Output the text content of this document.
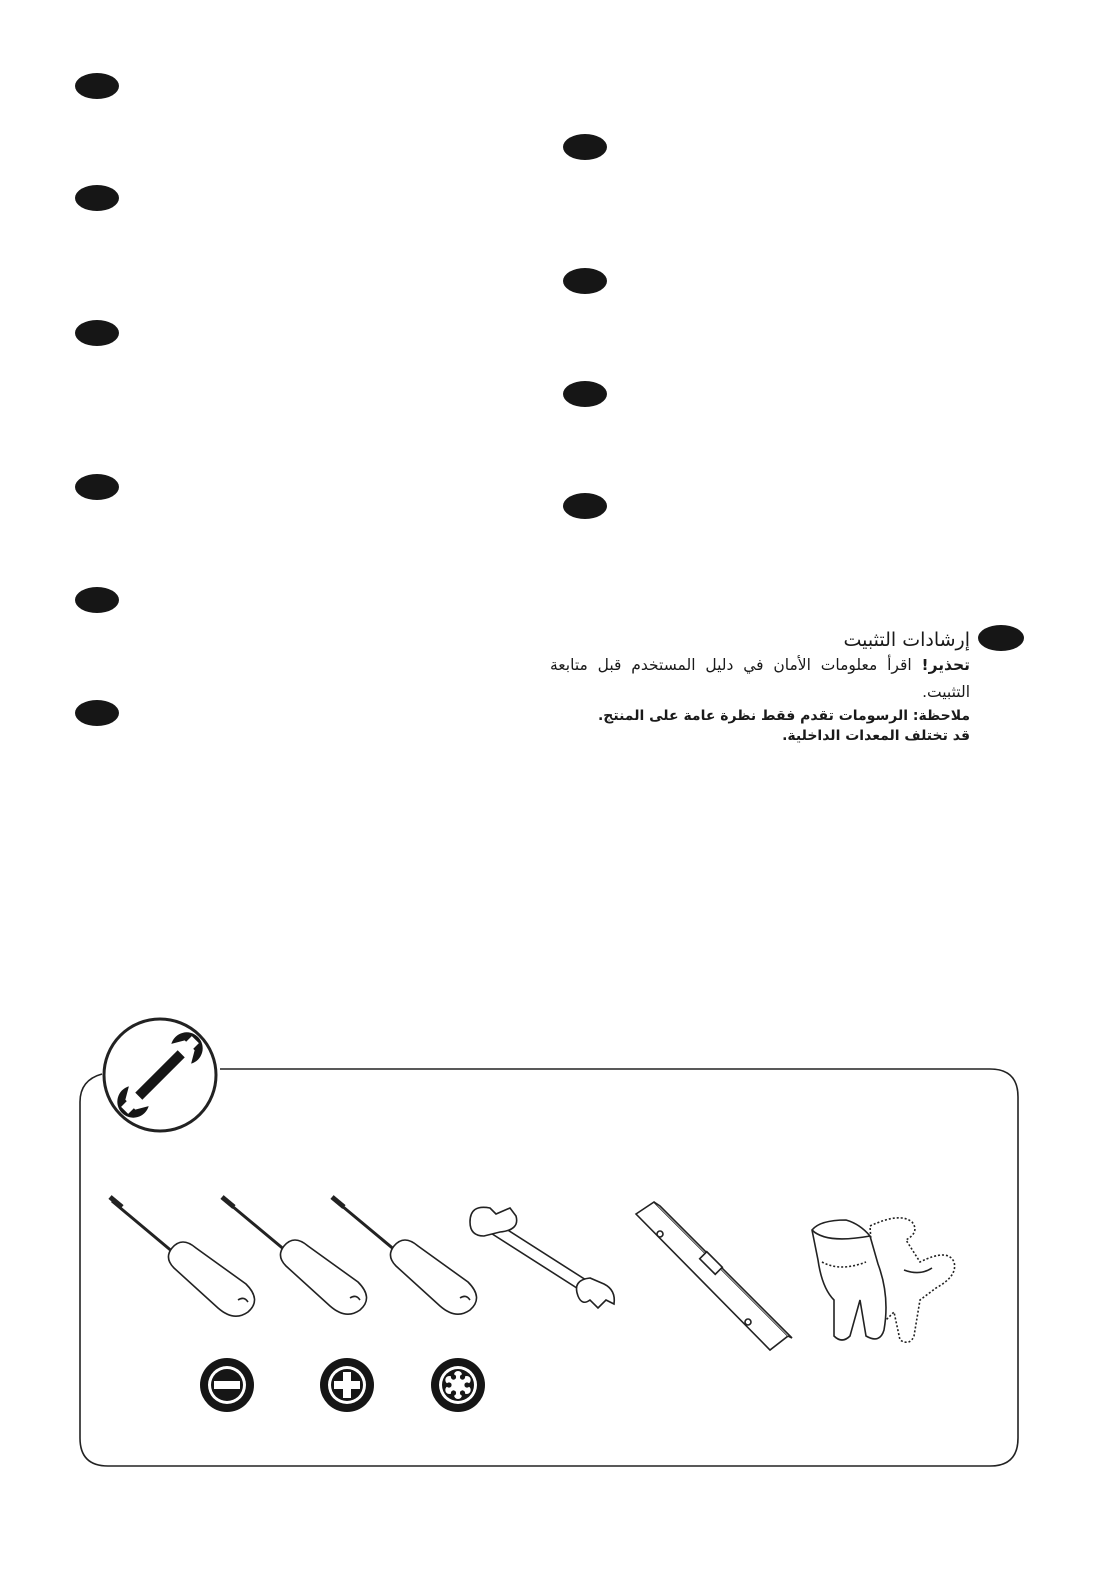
إرشادات التثبيت

تحذير! اقرأ معلومات الأمان في دليل المستخدم قبل متابعة التثبيت.

ملاحظة: الرسومات تقدم فقط نظرة عامة على المنتج.

قد تختلف المعدات الداخلية.
